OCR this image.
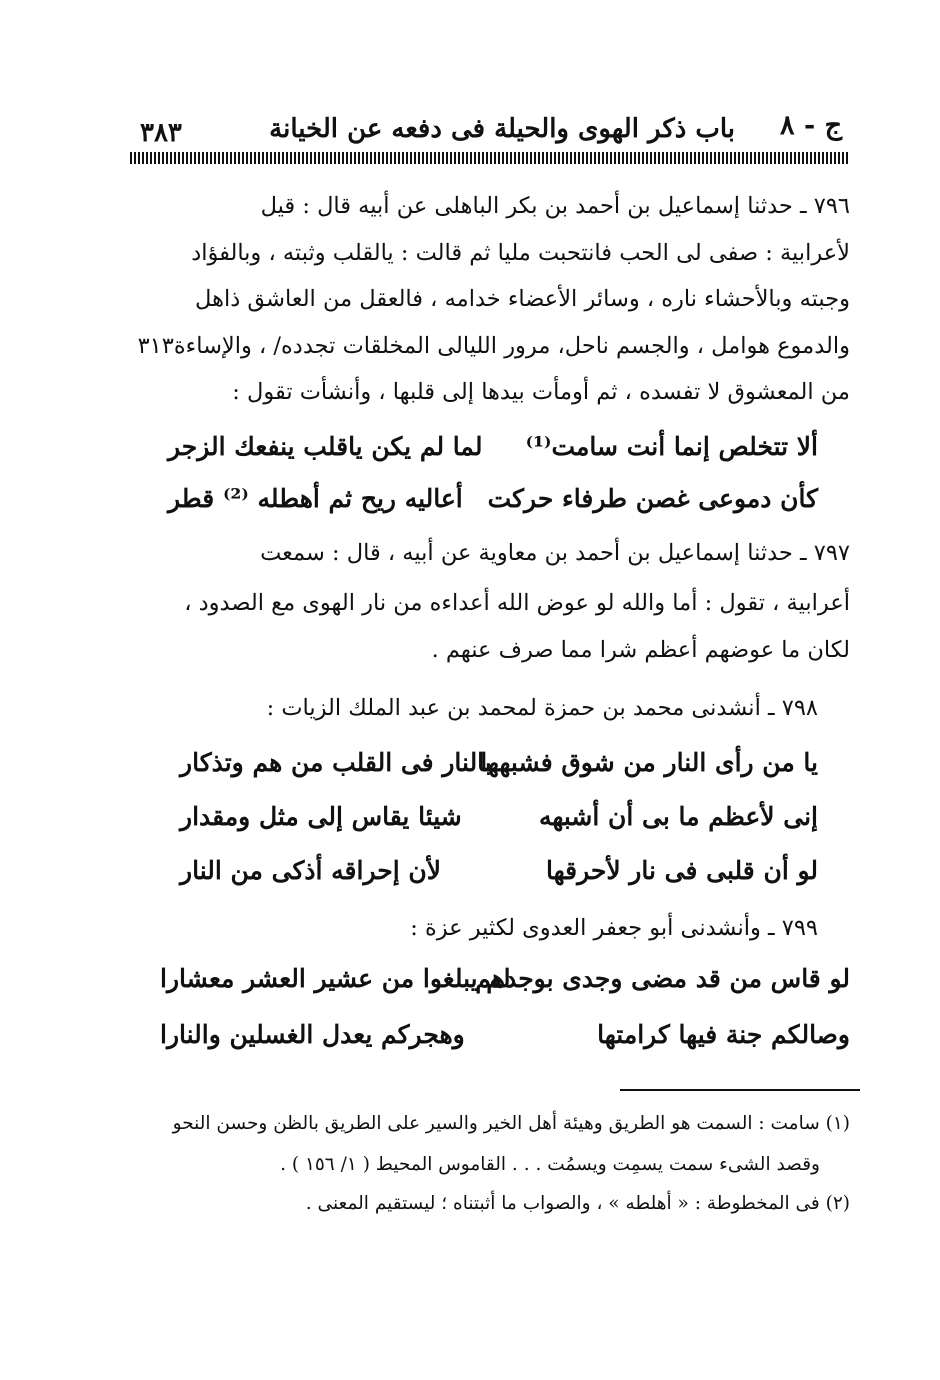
ج - ٨
باب ذكر الهوى والحيلة فى دفعه عن الخيانة
٣٨٣
٧٩٦ ـ حدثنا إسماعيل بن أحمد بن بكر الباهلى عن أبيه قال : قيل
لأعرابية : صفى لى الحب فانتحبت مليا ثم قالت : يالقلب وثبته ، وبالفؤاد
وجبته وبالأحشاء ناره ، وسائر الأعضاء خدامه ، فالعقل من العاشق ذاهل
والدموع هوامل ، والجسم ناحل، مرور الليالى المخلقات تجدده/ ، والإساءة٣١٣
من المعشوق لا تفسده ، ثم أومأت بيدها إلى قلبها ، وأنشأت تقول :
ألا تتخلص إنما أنت سامت⁽¹⁾
لما لم يكن ياقلب ينفعك الزجر
كأن دموعى غصن طرفاء حركت
أعاليه ريح ثم أهطله ⁽²⁾ قطر
٧٩٧ ـ حدثنا إسماعيل بن أحمد بن معاوية عن أبيه ، قال : سمعت
أعرابية ، تقول : أما والله لو عوض الله أعداءه من نار الهوى مع الصدود ،
لكان ما عوضهم أعظم شرا مما صرف عنهم .
٧٩٨ ـ أنشدنى محمد بن حمزة لمحمد بن عبد الملك الزيات :
يا من رأى النار من شوق فشبهها
بالنار فى القلب من هم وتذكار
إنى لأعظم ما بى أن أشبهه
شيئا يقاس إلى مثل ومقدار
لو أن قلبى فى نار لأحرقها
لأن إحراقه أذكى من النار
٧٩٩ ـ وأنشدنى أبو جعفر العدوى لكثير عزة :
لو قاس من قد مضى وجدى بوجدهم
لم يبلغوا من عشير العشر معشارا
وصالكم جنة فيها كرامتها
وهجركم يعدل الغسلين والنارا
(١) سامت : السمت هو الطريق وهيئة أهل الخير والسير على الطريق بالظن وحسن النحو
وقصد الشىء سمت يسمِت ويسمُت . . . القاموس المحيط ( ١/ ١٥٦ ) .
(٢) فى المخطوطة : « أهلطه » ، والصواب ما أثبتناه ؛ ليستقيم المعنى .
